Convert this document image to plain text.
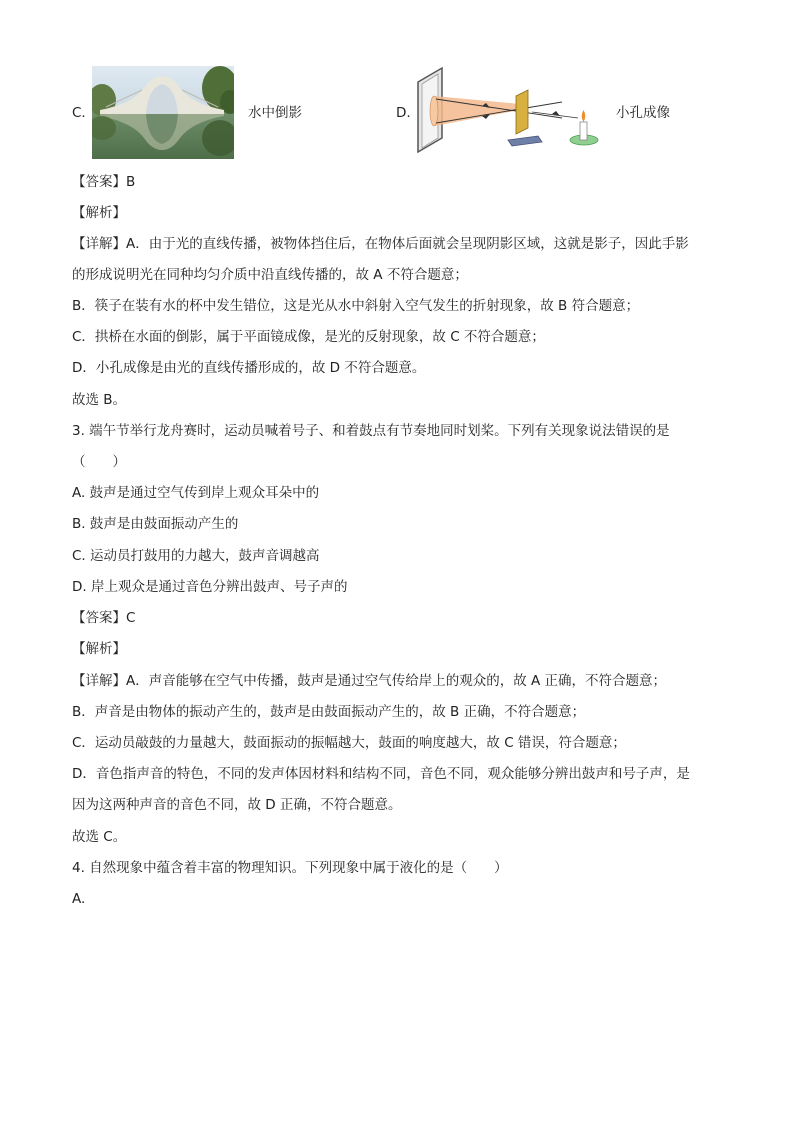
C.	水中倒影	D.	小孔成像
【答案】B
【解析】
【详解】A．由于光的直线传播，被物体挡住后，在物体后面就会呈现阴影区域，这就是影子，因此手影
的形成说明光在同种均匀介质中沿直线传播的，故 A 不符合题意；
B．筷子在装有水的杯中发生错位，这是光从水中斜射入空气发生的折射现象，故 B 符合题意；
C．拱桥在水面的倒影，属于平面镜成像，是光的反射现象，故 C 不符合题意；
D．小孔成像是由光的直线传播形成的，故 D 不符合题意。
故选 B。
3. 端午节举行龙舟赛时，运动员喊着号子、和着鼓点有节奏地同时划桨。下列有关现象说法错误的是
（　　）
A. 鼓声是通过空气传到岸上观众耳朵中的
B. 鼓声是由鼓面振动产生的
C. 运动员打鼓用的力越大，鼓声音调越高
D. 岸上观众是通过音色分辨出鼓声、号子声的
【答案】C
【解析】
【详解】A．声音能够在空气中传播，鼓声是通过空气传给岸上的观众的，故 A 正确，不符合题意；
B．声音是由物体的振动产生的，鼓声是由鼓面振动产生的，故 B 正确，不符合题意；
C．运动员敲鼓的力量越大，鼓面振动的振幅越大，鼓面的响度越大，故 C 错误，符合题意；
D．音色指声音的特色，不同的发声体因材料和结构不同，音色不同，观众能够分辨出鼓声和号子声，是
因为这两种声音的音色不同，故 D 正确，不符合题意。
故选 C。
4. 自然现象中蕴含着丰富的物理知识。下列现象中属于液化的是（　　）
A.
